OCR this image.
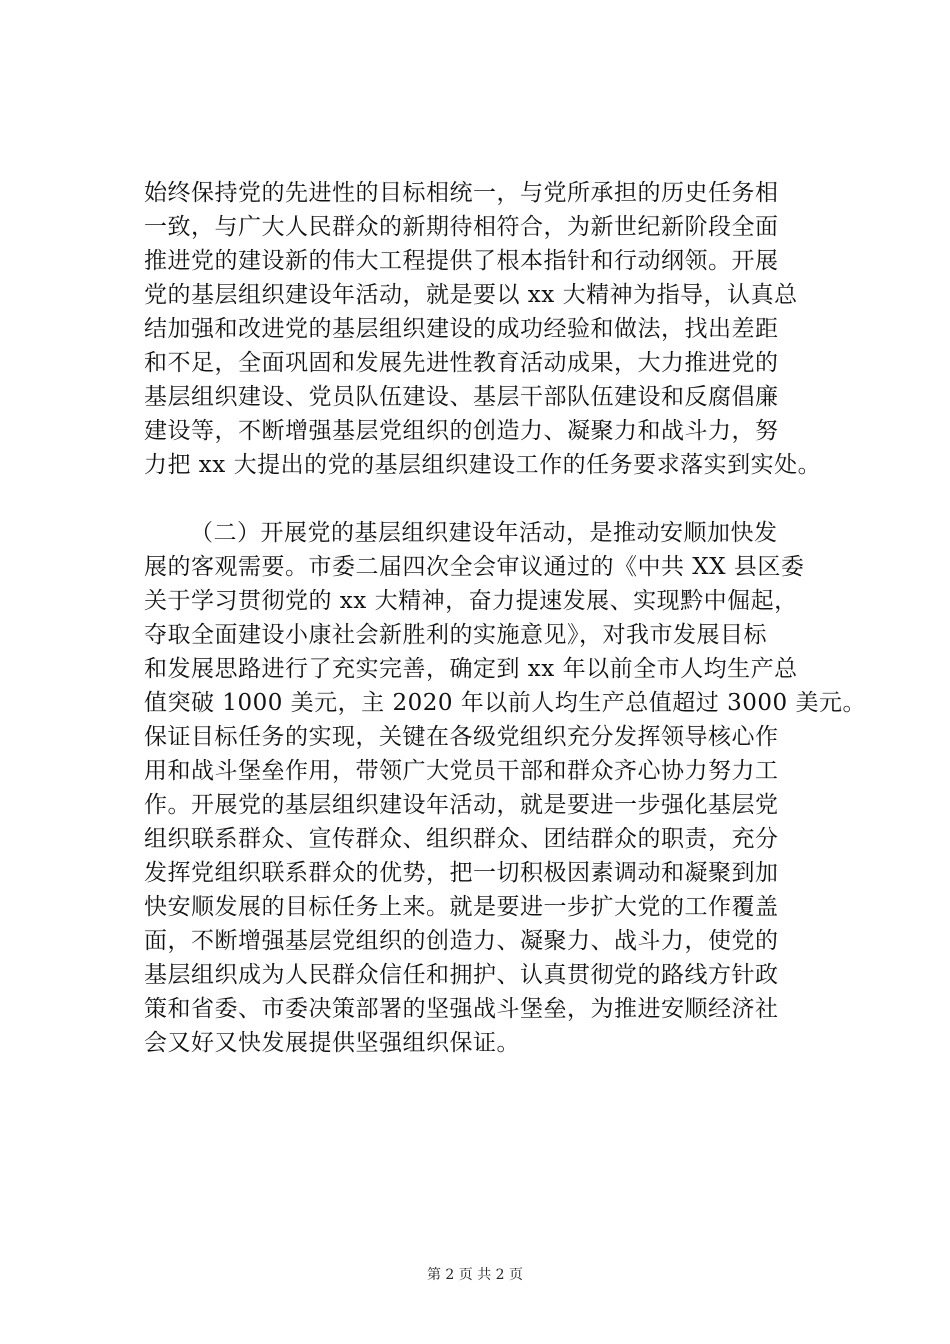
始终保持党的先进性的目标相统一，与党所承担的历史任务相
一致，与广大人民群众的新期待相符合，为新世纪新阶段全面
推进党的建设新的伟大工程提供了根本指针和行动纲领。开展
党的基层组织建设年活动，就是要以 xx 大精神为指导，认真总
结加强和改进党的基层组织建设的成功经验和做法，找出差距
和不足，全面巩固和发展先进性教育活动成果，大力推进党的
基层组织建设、党员队伍建设、基层干部队伍建设和反腐倡廉
建设等，不断增强基层党组织的创造力、凝聚力和战斗力，努
力把 xx 大提出的党的基层组织建设工作的任务要求落实到实处。
（二）开展党的基层组织建设年活动，是推动安顺加快发
展的客观需要。市委二届四次全会审议通过的《中共 XX 县区委
关于学习贯彻党的 xx 大精神，奋力提速发展、实现黔中倔起，
夺取全面建设小康社会新胜利的实施意见》，对我市发展目标
和发展思路进行了充实完善，确定到 xx 年以前全市人均生产总
值突破 1000 美元，主 2020 年以前人均生产总值超过 3000 美元。
保证目标任务的实现，关键在各级党组织充分发挥领导核心作
用和战斗堡垒作用，带领广大党员干部和群众齐心协力努力工
作。开展党的基层组织建设年活动，就是要进一步强化基层党
组织联系群众、宣传群众、组织群众、团结群众的职责，充分
发挥党组织联系群众的优势，把一切积极因素调动和凝聚到加
快安顺发展的目标任务上来。就是要进一步扩大党的工作覆盖
面，不断增强基层党组织的创造力、凝聚力、战斗力，使党的
基层组织成为人民群众信任和拥护、认真贯彻党的路线方针政
策和省委、市委决策部署的坚强战斗堡垒，为推进安顺经济社
会又好又快发展提供坚强组织保证。
第 2 页 共 2 页
